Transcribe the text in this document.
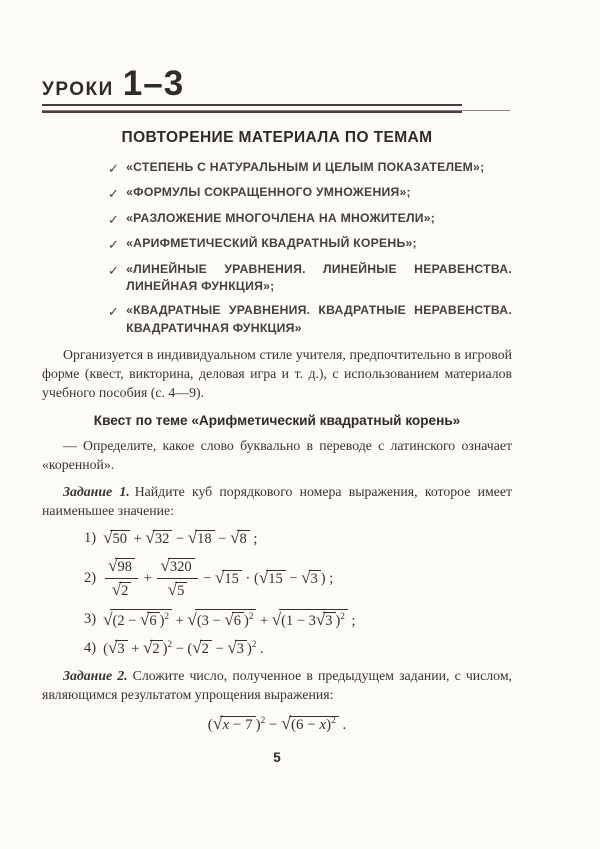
УРОКИ 1–3
ПОВТОРЕНИЕ МАТЕРИАЛА ПО ТЕМАМ
✓ «СТЕПЕНЬ С НАТУРАЛЬНЫМ И ЦЕЛЫМ ПОКАЗАТЕЛЕМ»;
✓ «ФОРМУЛЫ СОКРАЩЕННОГО УМНОЖЕНИЯ»;
✓ «РАЗЛОЖЕНИЕ МНОГОЧЛЕНА НА МНОЖИТЕЛИ»;
✓ «АРИФМЕТИЧЕСКИЙ КВАДРАТНЫЙ КОРЕНЬ»;
✓ «ЛИНЕЙНЫЕ УРАВНЕНИЯ. ЛИНЕЙНЫЕ НЕРАВЕНСТВА. ЛИНЕЙНАЯ ФУНКЦИЯ»;
✓ «КВАДРАТНЫЕ УРАВНЕНИЯ. КВАДРАТНЫЕ НЕРАВЕНСТВА. КВАДРАТИЧНАЯ ФУНКЦИЯ»

Организуется в индивидуальном стиле учителя, предпочтительно в игровой форме (квест, викторина, деловая игра и т. д.), с использованием материалов учебного пособия (с. 4—9).

Квест по теме «Арифметический квадратный корень»

— Определите, какое слово буквально в переводе с латинского означает «коренной».

Задание 1. Найдите куб порядкового номера выражения, которое имеет наименьшее значение:

1) √50 + √32 − √18 − √8 ;
$2) \frac{√98}{√2} + \frac{√320}{√5} - √15 \cdot (√15 - √3$ ) ;
3) √(2 − √6 )$^2$ + √(3 − √6 )$^2$ + √(1 − 3√3 )$^2$ ;
4) (√3 + √2 )$^2$ − (√2 − √3 )$^2$ .

Задание 2. Сложите число, полученное в предыдущем задании, с числом, являющимся результатом упрощения выражения:

(√x − 7 )$^2 - √(6 - x)^2$ .
5
